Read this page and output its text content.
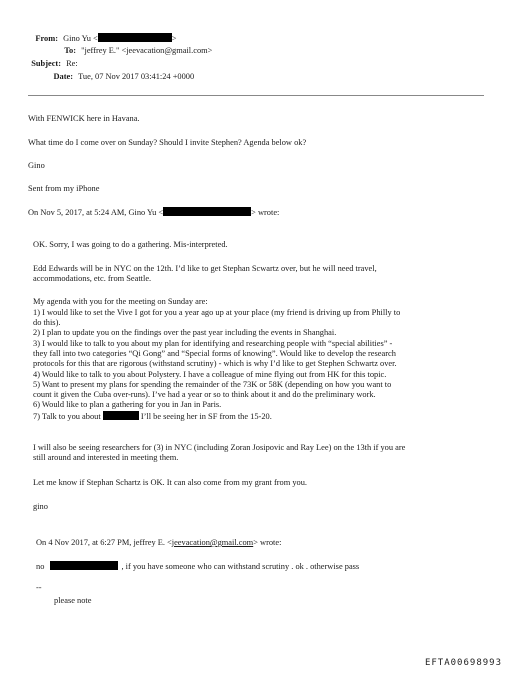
From: Gino Yu <	>
To: "jeffrey E." <jeevacation@gmail.com>
Subject: Re:
Date: Tue, 07 Nov 2017 03:41:24 +0000
With FENWICK here in Havana.
What time do I come over on Sunday? Should I invite Stephen? Agenda below ok?
Gino
Sent from my iPhone
On Nov 5, 2017, at 5:24 AM, Gino Yu <	> wrote:
OK. Sorry, I was going to do a gathering. Mis-interpreted.
Edd Edwards will be in NYC on the 12th. I’d like to get Stephan Scwartz over, but he will need travel,
accommodations, etc. from Seattle.
My agenda with you for the meeting on Sunday are:
1) I would like to set the Vive I got for you a year ago up at your place (my friend is driving up from Philly to
do this).
2) I plan to update you on the findings over the past year including the events in Shanghai.
3) I would like to talk to you about my plan for identifying and researching people with “special abilities” -
they fall into two categories “Qi Gong” and “Special forms of knowing”. Would like to develop the research
protocols for this that are rigorous (withstand scrutiny) - which is why I’d like to get Stephen Schwartz over.
4) Would like to talk to you about Polystery. I have a colleague of mine flying out from HK for this topic.
5) Want to present my plans for spending the remainder of the 73K or 58K (depending on how you want to
count it given the Cuba over-runs). I’ve had a year or so to think about it and do the preliminary work.
6) Would like to plan a gathering for you in Jan in Paris.
7) Talk to you about	I’ll be seeing her in SF from the 15-20.
I will also be seeing researchers for (3) in NYC (including Zoran Josipovic and Ray Lee) on the 13th if you are
still around and interested in meeting them.
Let me know if Stephan Schartz is OK. It can also come from my grant from you.
gino
On 4 Nov 2017, at 6:27 PM, jeffrey E. <jeevacation@gmail.com> wrote:
no	, if you have someone who can withstand scrutiny . ok . otherwise pass
--
please note
EFTA00698993
